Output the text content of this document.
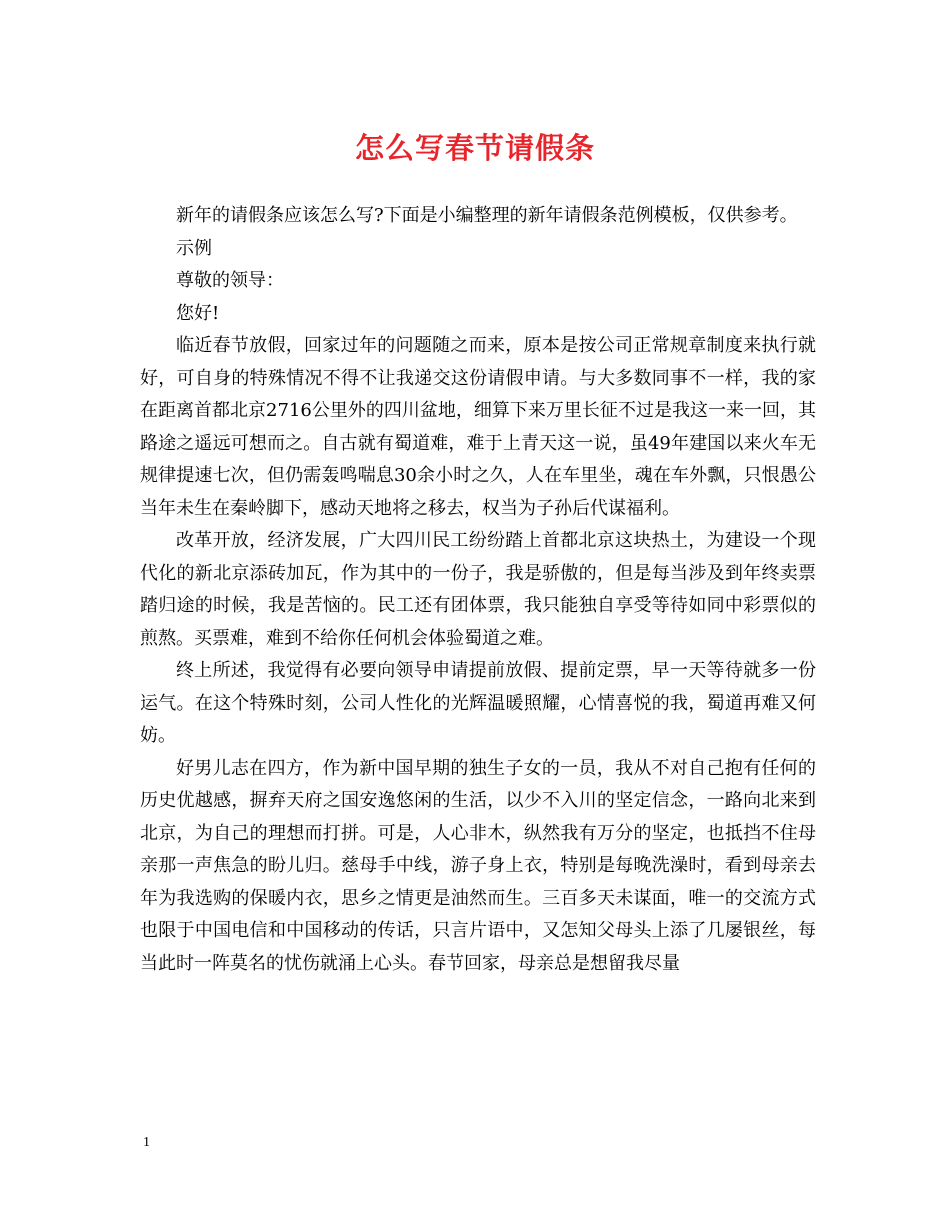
怎么写春节请假条

新年的请假条应该怎么写?下面是小编整理的新年请假条范例模板，仅供参考。

示例

尊敬的领导：

您好!

临近春节放假，回家过年的问题随之而来，原本是按公司正常规章制度来执行就好，可自身的特殊情况不得不让我递交这份请假申请。与大多数同事不一样，我的家在距离首都北京2716公里外的四川盆地，细算下来万里长征不过是我这一来一回，其路途之遥远可想而之。自古就有蜀道难，难于上青天这一说，虽49年建国以来火车无规律提速七次，但仍需轰鸣喘息30余小时之久，人在车里坐，魂在车外飘，只恨愚公当年未生在秦岭脚下，感动天地将之移去，权当为子孙后代谋福利。

改革开放，经济发展，广大四川民工纷纷踏上首都北京这块热土，为建设一个现代化的新北京添砖加瓦，作为其中的一份子，我是骄傲的，但是每当涉及到年终卖票踏归途的时候，我是苦恼的。民工还有团体票，我只能独自享受等待如同中彩票似的煎熬。买票难，难到不给你任何机会体验蜀道之难。

终上所述，我觉得有必要向领导申请提前放假、提前定票，早一天等待就多一份运气。在这个特殊时刻，公司人性化的光辉温暖照耀，心情喜悦的我，蜀道再难又何妨。

好男儿志在四方，作为新中国早期的独生子女的一员，我从不对自己抱有任何的历史优越感，摒弃天府之国安逸悠闲的生活，以少不入川的坚定信念，一路向北来到北京，为自己的理想而打拼。可是，人心非木，纵然我有万分的坚定，也抵挡不住母亲那一声焦急的盼儿归。慈母手中线，游子身上衣，特别是每晚洗澡时，看到母亲去年为我选购的保暖内衣，思乡之情更是油然而生。三百多天未谋面，唯一的交流方式也限于中国电信和中国移动的传话，只言片语中，又怎知父母头上添了几屡银丝，每当此时一阵莫名的忧伤就涌上心头。春节回家，母亲总是想留我尽量

1
